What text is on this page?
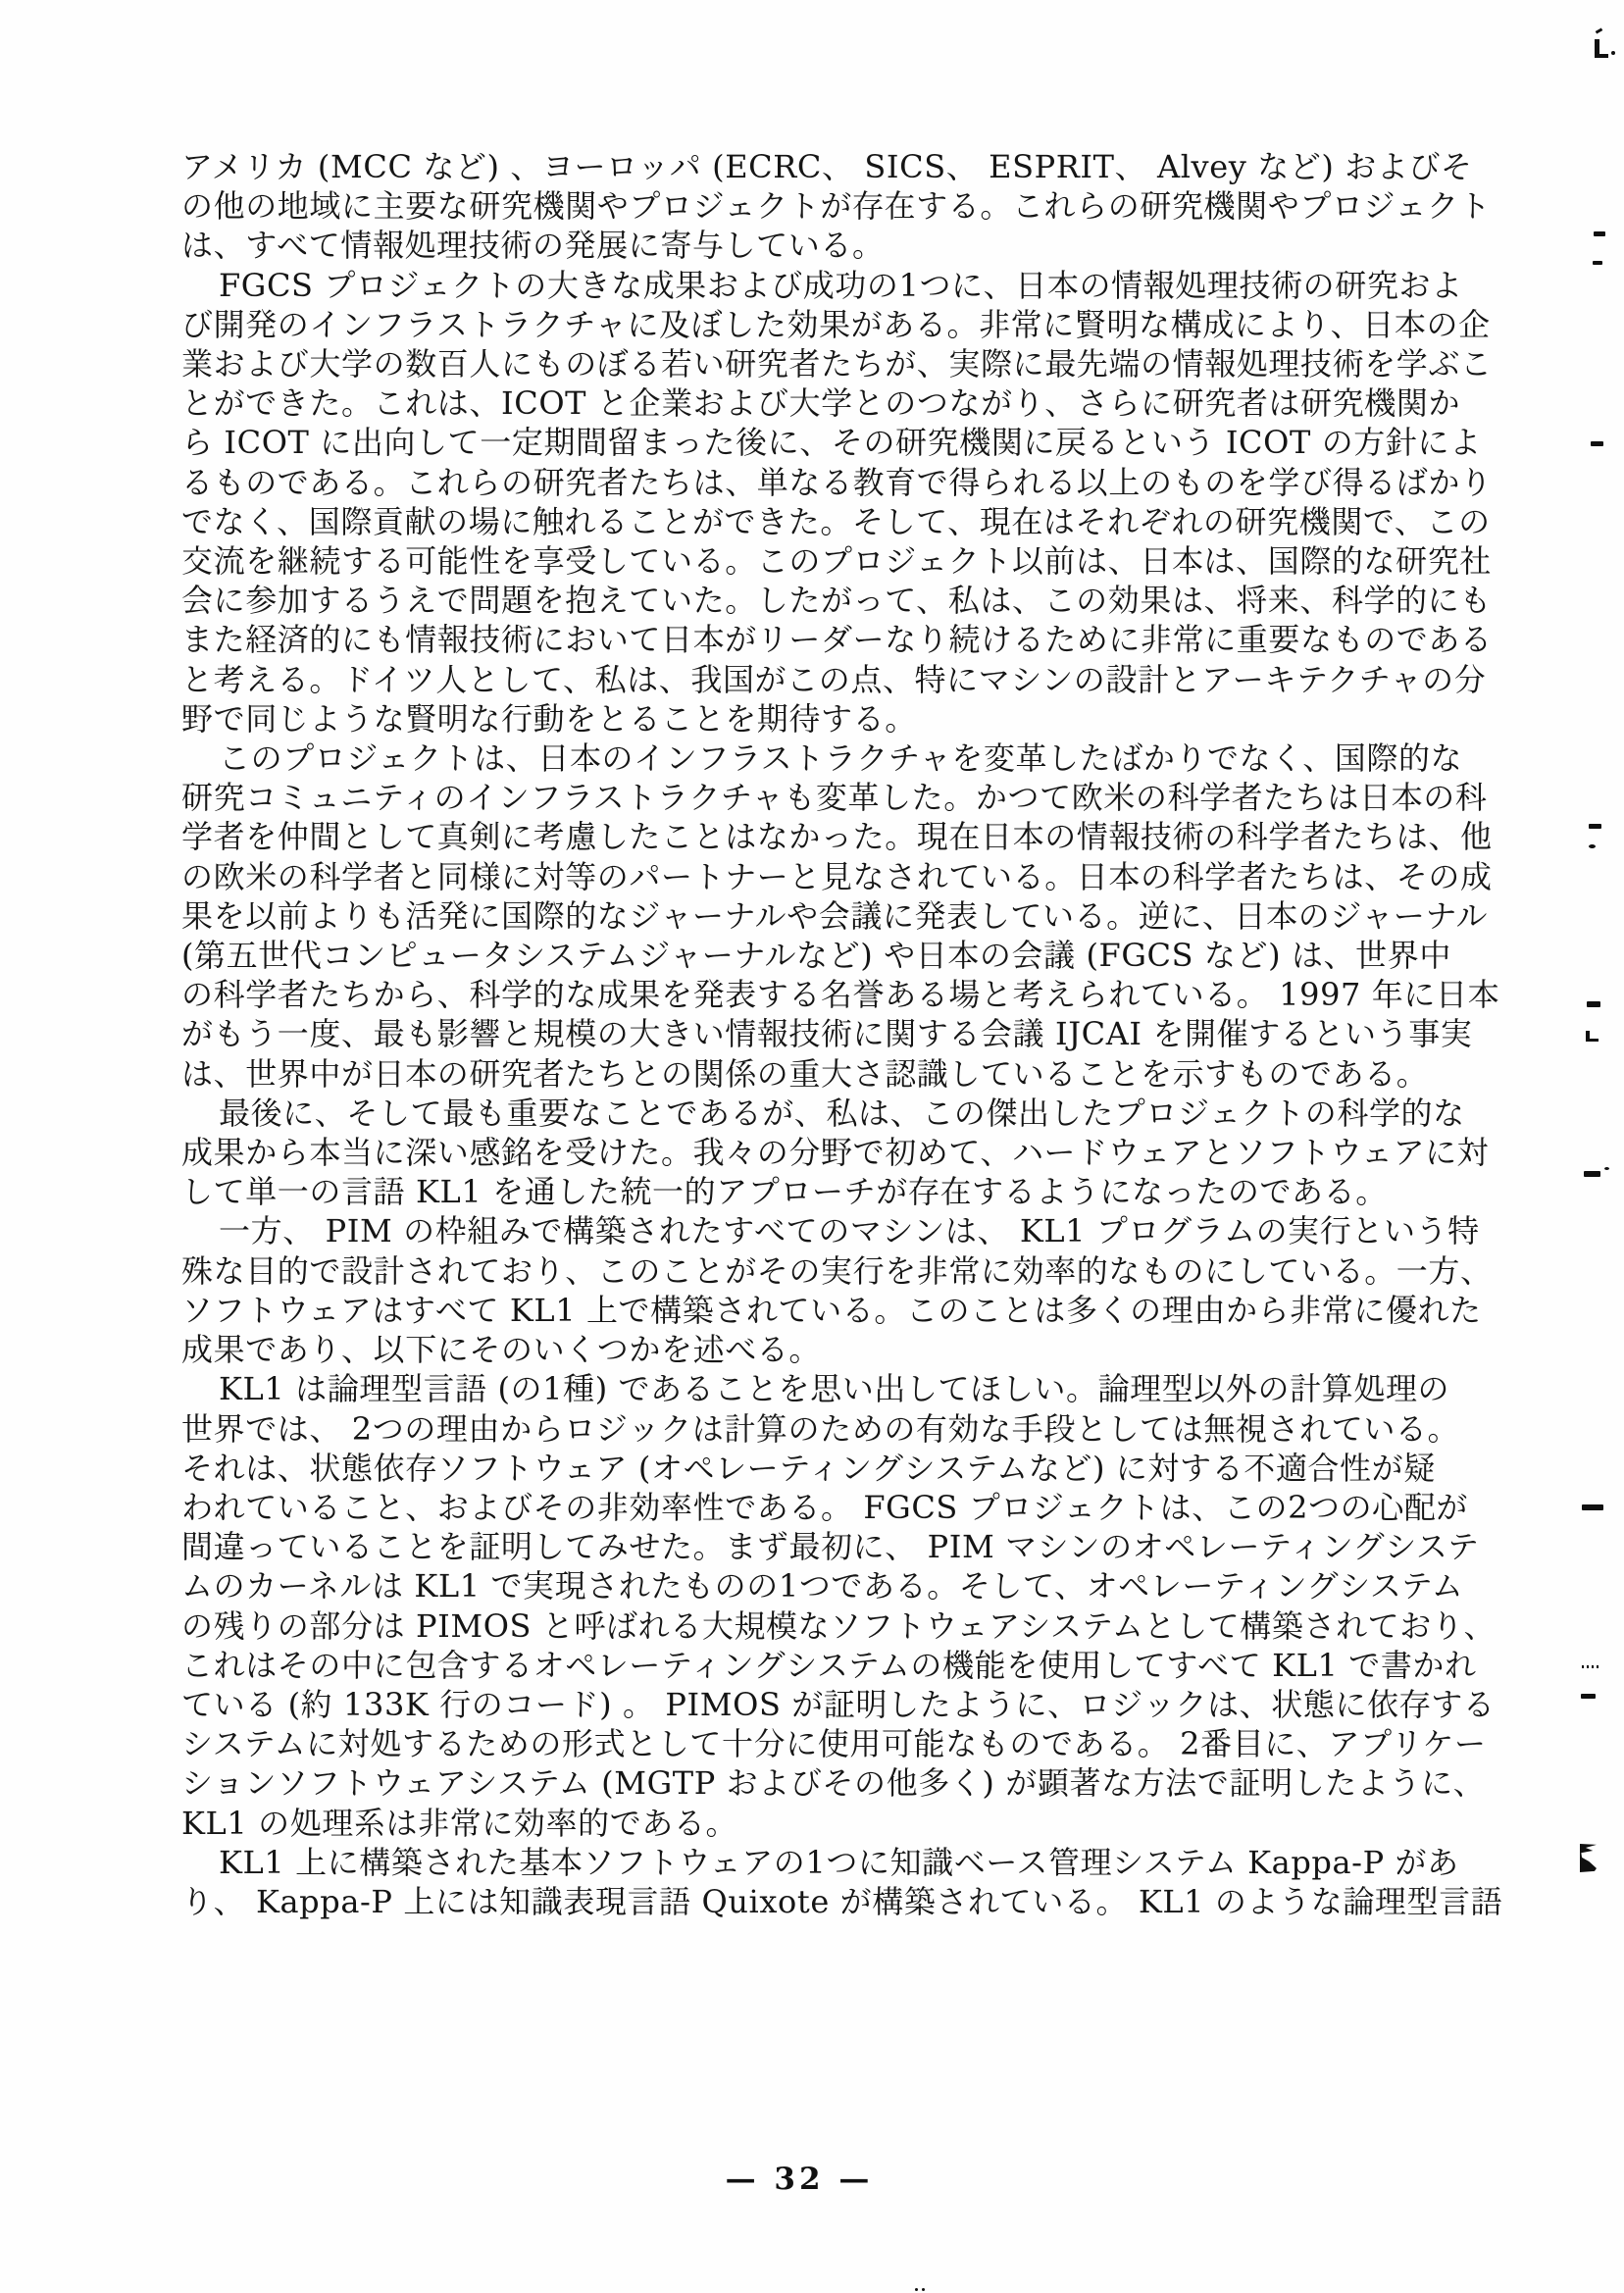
アメリカ (MCC など) 、ヨーロッパ (ECRC、 SICS、 ESPRIT、 Alvey など) およびそ
の他の地域に主要な研究機関やプロジェクトが存在する。これらの研究機関やプロジェクト
は、すべて情報処理技術の発展に寄与している。
FGCS プロジェクトの大きな成果および成功の1つに、日本の情報処理技術の研究およ
び開発のインフラストラクチャに及ぼした効果がある。非常に賢明な構成により、日本の企
業および大学の数百人にものぼる若い研究者たちが、実際に最先端の情報処理技術を学ぶこ
とができた。これは、ICOT と企業および大学とのつながり、さらに研究者は研究機関か
ら ICOT に出向して一定期間留まった後に、その研究機関に戻るという ICOT の方針によ
るものである。これらの研究者たちは、単なる教育で得られる以上のものを学び得るばかり
でなく、国際貢献の場に触れることができた。そして、現在はそれぞれの研究機関で、この
交流を継続する可能性を享受している。このプロジェクト以前は、日本は、国際的な研究社
会に参加するうえで問題を抱えていた。したがって、私は、この効果は、将来、科学的にも
また経済的にも情報技術において日本がリーダーなり続けるために非常に重要なものである
と考える。ドイツ人として、私は、我国がこの点、特にマシンの設計とアーキテクチャの分
野で同じような賢明な行動をとることを期待する。
このプロジェクトは、日本のインフラストラクチャを変革したばかりでなく、国際的な
研究コミュニティのインフラストラクチャも変革した。かつて欧米の科学者たちは日本の科
学者を仲間として真剣に考慮したことはなかった。現在日本の情報技術の科学者たちは、他
の欧米の科学者と同様に対等のパートナーと見なされている。日本の科学者たちは、その成
果を以前よりも活発に国際的なジャーナルや会議に発表している。逆に、日本のジャーナル
(第五世代コンピュータシステムジャーナルなど) や日本の会議 (FGCS など) は、世界中
の科学者たちから、科学的な成果を発表する名誉ある場と考えられている。 1997 年に日本
がもう一度、最も影響と規模の大きい情報技術に関する会議 IJCAI を開催するという事実
は、世界中が日本の研究者たちとの関係の重大さ認識していることを示すものである。
最後に、そして最も重要なことであるが、私は、この傑出したプロジェクトの科学的な
成果から本当に深い感銘を受けた。我々の分野で初めて、ハードウェアとソフトウェアに対
して単一の言語 KL1 を通した統一的アプローチが存在するようになったのである。
一方、 PIM の枠組みで構築されたすべてのマシンは、 KL1 プログラムの実行という特
殊な目的で設計されており、このことがその実行を非常に効率的なものにしている。一方、
ソフトウェアはすべて KL1 上で構築されている。このことは多くの理由から非常に優れた
成果であり、以下にそのいくつかを述べる。
KL1 は論理型言語 (の1種) であることを思い出してほしい。論理型以外の計算処理の
世界では、 2つの理由からロジックは計算のための有効な手段としては無視されている。
それは、状態依存ソフトウェア (オペレーティングシステムなど) に対する不適合性が疑
われていること、およびその非効率性である。 FGCS プロジェクトは、この2つの心配が
間違っていることを証明してみせた。まず最初に、 PIM マシンのオペレーティングシステ
ムのカーネルは KL1 で実現されたものの1つである。そして、オペレーティングシステム
の残りの部分は PIMOS と呼ばれる大規模なソフトウェアシステムとして構築されており、
これはその中に包含するオペレーティングシステムの機能を使用してすべて KL1 で書かれ
ている (約 133K 行のコード) 。 PIMOS が証明したように、ロジックは、状態に依存する
システムに対処するための形式として十分に使用可能なものである。 2番目に、アプリケー
ションソフトウェアシステム (MGTP およびその他多く) が顕著な方法で証明したように、
KL1 の処理系は非常に効率的である。
KL1 上に構築された基本ソフトウェアの1つに知識ベース管理システム Kappa-P があ
り、 Kappa-P 上には知識表現言語 Quixote が構築されている。 KL1 のような論理型言語
— 32 —
